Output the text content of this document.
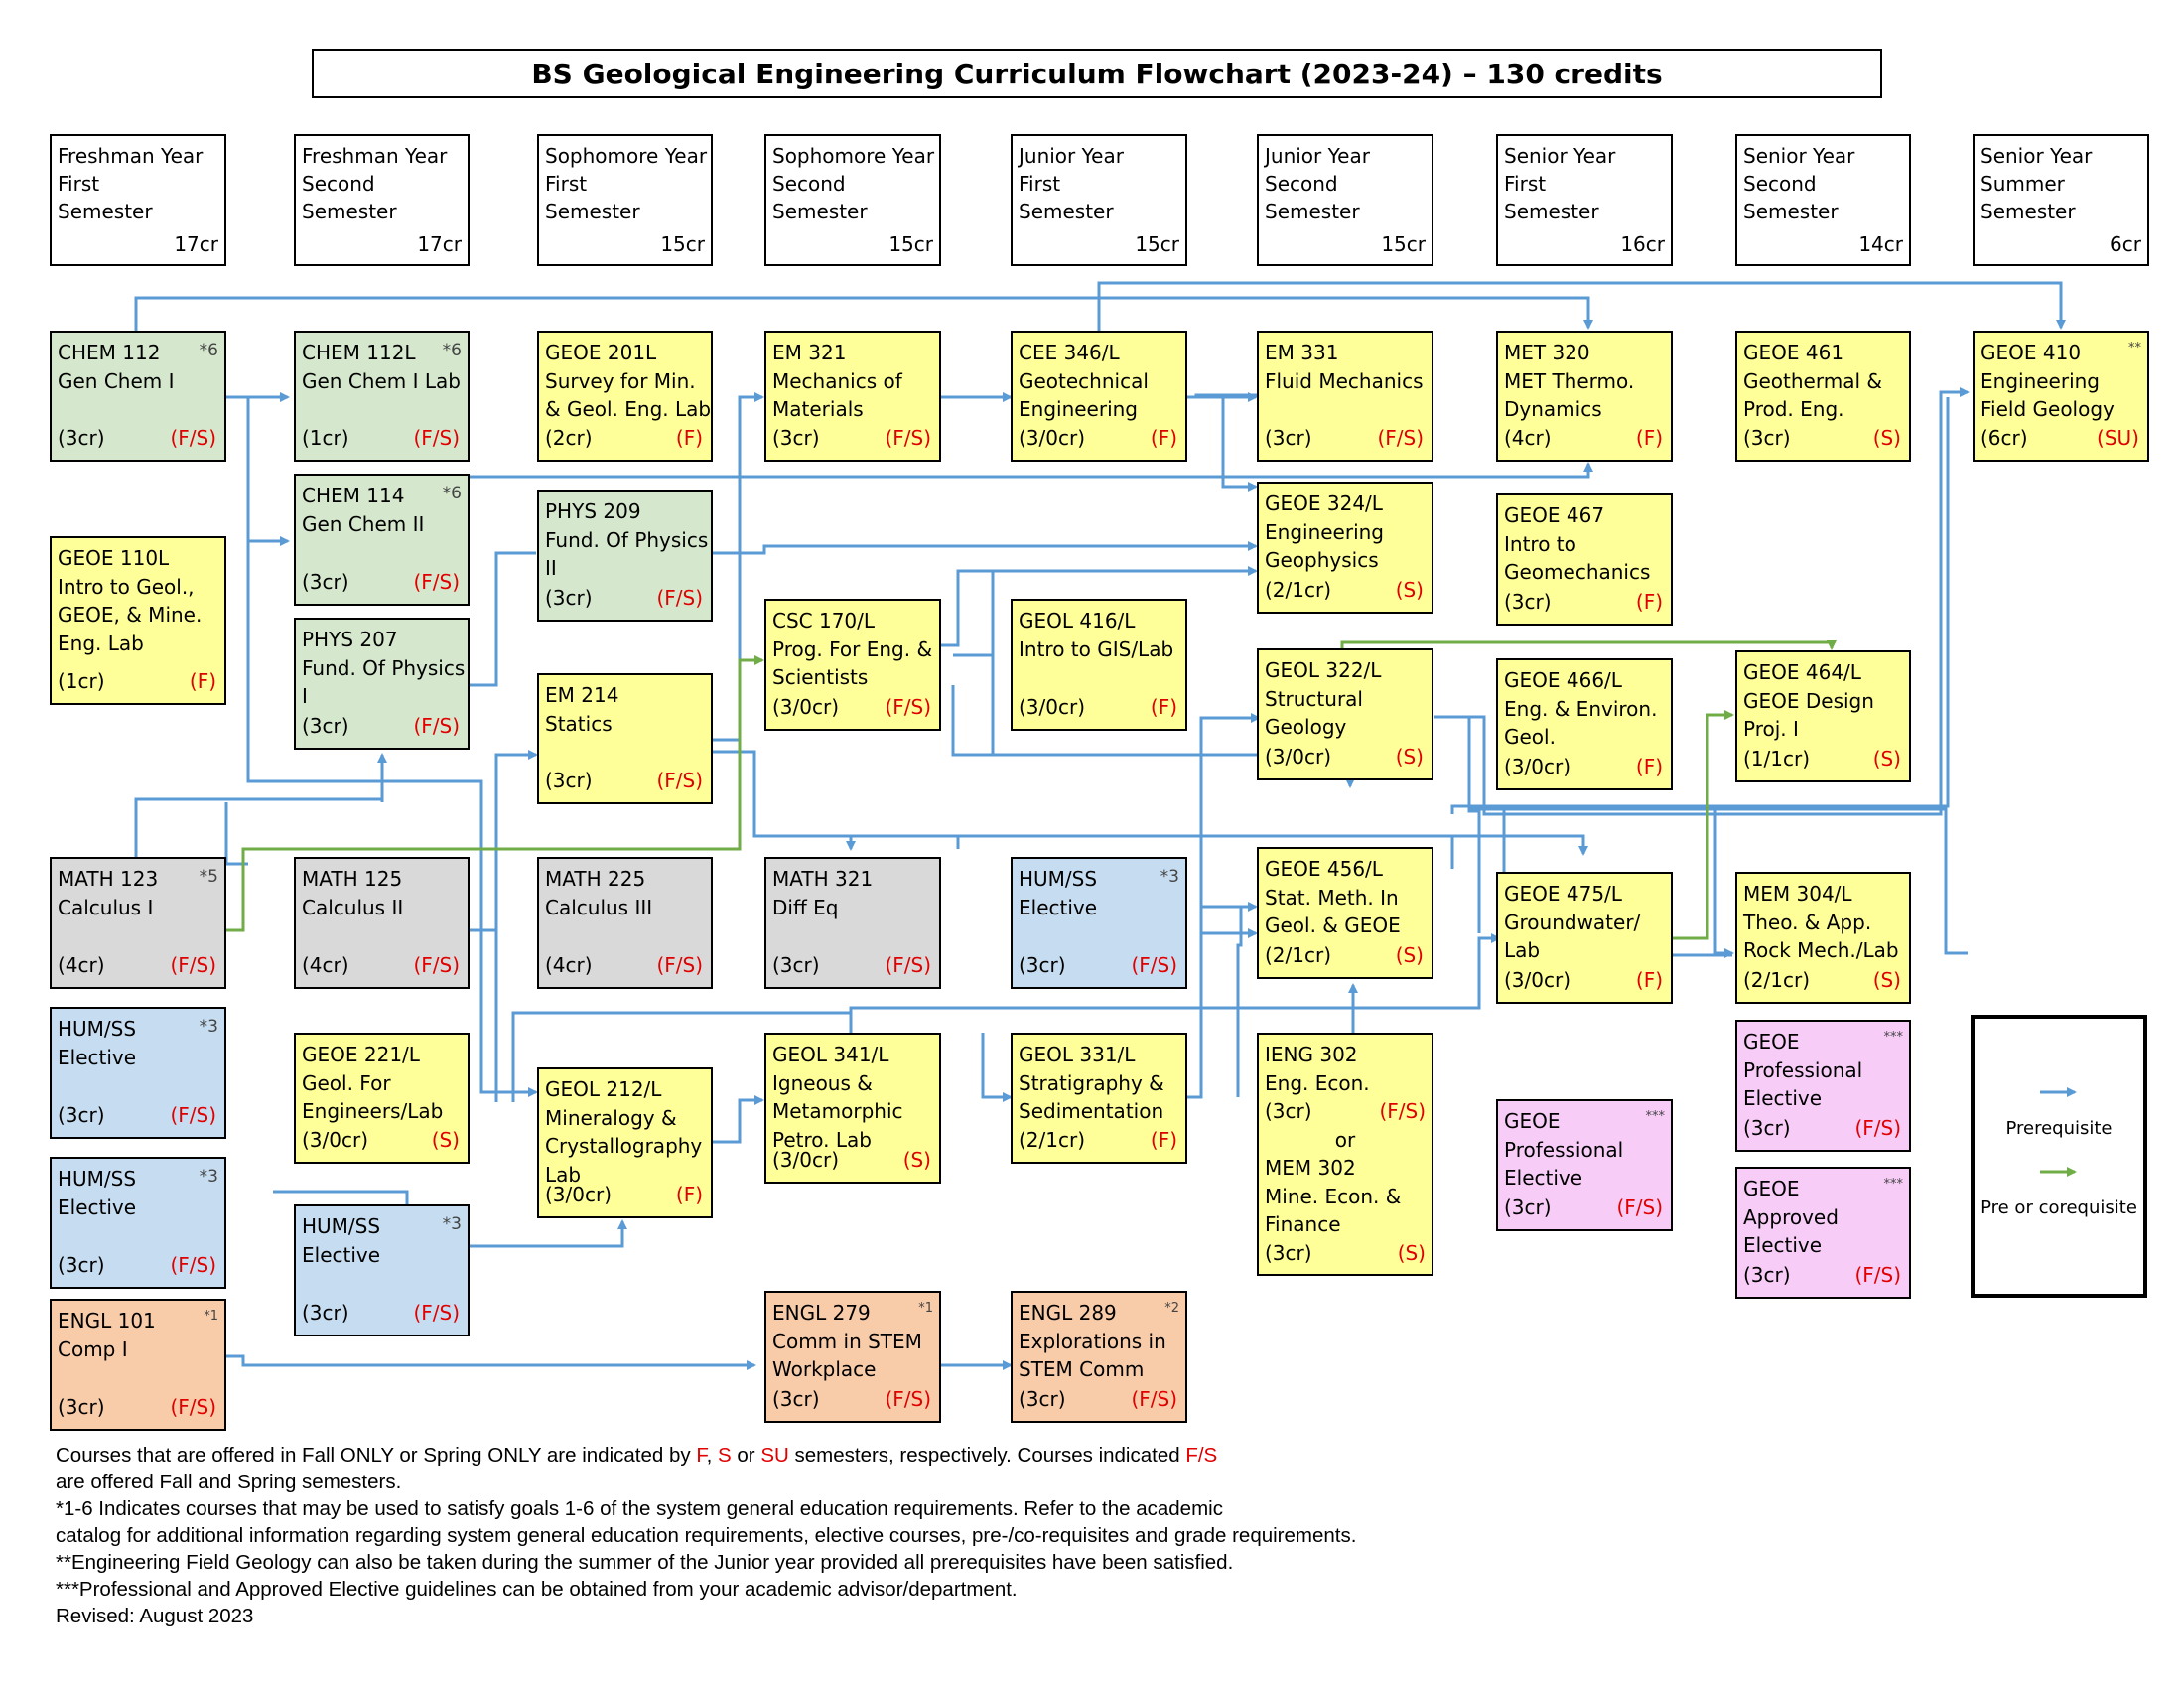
BS Geological Engineering Curriculum Flowchart (2023-24) – 130 credits
Freshman Year
First
Semester
17cr
Freshman Year
Second
Semester
17cr
Sophomore Year
First
Semester
15cr
Sophomore Year
Second
Semester
15cr
Junior Year
First
Semester
15cr
Junior Year
Second
Semester
15cr
Senior Year
First
Semester
16cr
Senior Year
Second
Semester
14cr
Senior Year
Summer
Semester
6cr
*6
CHEM 112
Gen Chem I
(3cr)	(F/S)
GEOE 110L
Intro to Geol.,
GEOE, & Mine.
Eng. Lab
(1cr)	(F)
*5
MATH 123
Calculus I
(4cr)	(F/S)
*3
HUM/SS
Elective
(3cr)	(F/S)
*3
HUM/SS
Elective
(3cr)	(F/S)
*1
ENGL 101
Comp I
(3cr)	(F/S)
*6
CHEM 112L
Gen Chem I Lab
(1cr)	(F/S)
*6
CHEM 114
Gen Chem II
(3cr)	(F/S)
PHYS 207
Fund. Of Physics
I
(3cr)	(F/S)
MATH 125
Calculus II
(4cr)	(F/S)
GEOE 221/L
Geol. For
Engineers/Lab
(3/0cr)	(S)
*3
HUM/SS
Elective
(3cr)	(F/S)
GEOE 201L
Survey for Min.
& Geol. Eng. Lab
(2cr)	(F)
PHYS 209
Fund. Of Physics
II
(3cr)	(F/S)
EM 214
Statics
(3cr)	(F/S)
MATH 225
Calculus III
(4cr)	(F/S)
GEOL 212/L
Mineralogy &
Crystallography
Lab
(3/0cr)	(F)
EM 321
Mechanics of
Materials
(3cr)	(F/S)
CSC 170/L
Prog. For Eng. &
Scientists
(3/0cr) (F/S)
MATH 321
Diff Eq
(3cr)	(F/S)
GEOL 341/L
Igneous &
Metamorphic
Petro. Lab
(3/0cr)	(S)
*1
ENGL 279
Comm in STEM
Workplace
(3cr)	(F/S)
CEE 346/L
Geotechnical
Engineering
(3/0cr)	(F)
GEOL 416/L
Intro to GIS/Lab
(3/0cr)	(F)
*3
HUM/SS
Elective
(3cr)	(F/S)
GEOL 331/L
Stratigraphy &
Sedimentation
(2/1cr)	(F)
*2
ENGL 289
Explorations in
STEM Comm
(3cr)	(F/S)
EM 331
Fluid Mechanics
(3cr)	(F/S)
GEOE 324/L
Engineering
Geophysics
(2/1cr)	(S)
GEOL 322/L
Structural
Geology
(3/0cr)	(S)
GEOE 456/L
Stat. Meth. In
Geol. & GEOE
(2/1cr)	(S)
IENG 302
Eng. Econ.
(3cr)	(F/S)
or
MEM 302
Mine. Econ. &
Finance
(3cr)	(S)
MET 320
MET Thermo.
Dynamics
(4cr)	(F)
GEOE 467
Intro to
Geomechanics
(3cr)	(F)
GEOE 466/L
Eng. & Environ.
Geol.
(3/0cr)	(F)
GEOE 475/L
Groundwater/
Lab
(3/0cr)	(F)
***
GEOE
Professional
Elective
(3cr)	(F/S)
GEOE 461
Geothermal &
Prod. Eng.
(3cr)	(S)
GEOE 464/L
GEOE Design
Proj. I
(1/1cr)	(S)
MEM 304/L
Theo. & App.
Rock Mech./Lab
(2/1cr)	(S)
***
GEOE
Professional
Elective
(3cr)	(F/S)
***
GEOE
Approved
Elective
(3cr)	(F/S)
**
GEOE 410
Engineering
Field Geology
(6cr)	(SU)
Prerequisite
Pre or corequisite
Courses that are offered in Fall ONLY or Spring ONLY are indicated by F, S or SU semesters, respectively. Courses indicated F/S
are offered Fall and Spring semesters.
*1-6 Indicates courses that may be used to satisfy goals 1-6 of the system general education requirements. Refer to the academic
catalog for additional information regarding system general education requirements, elective courses, pre-/co-requisites and grade requirements.
**Engineering Field Geology can also be taken during the summer of the Junior year provided all prerequisites have been satisfied.
***Professional and Approved Elective guidelines can be obtained from your academic advisor/department.
Revised: August 2023
